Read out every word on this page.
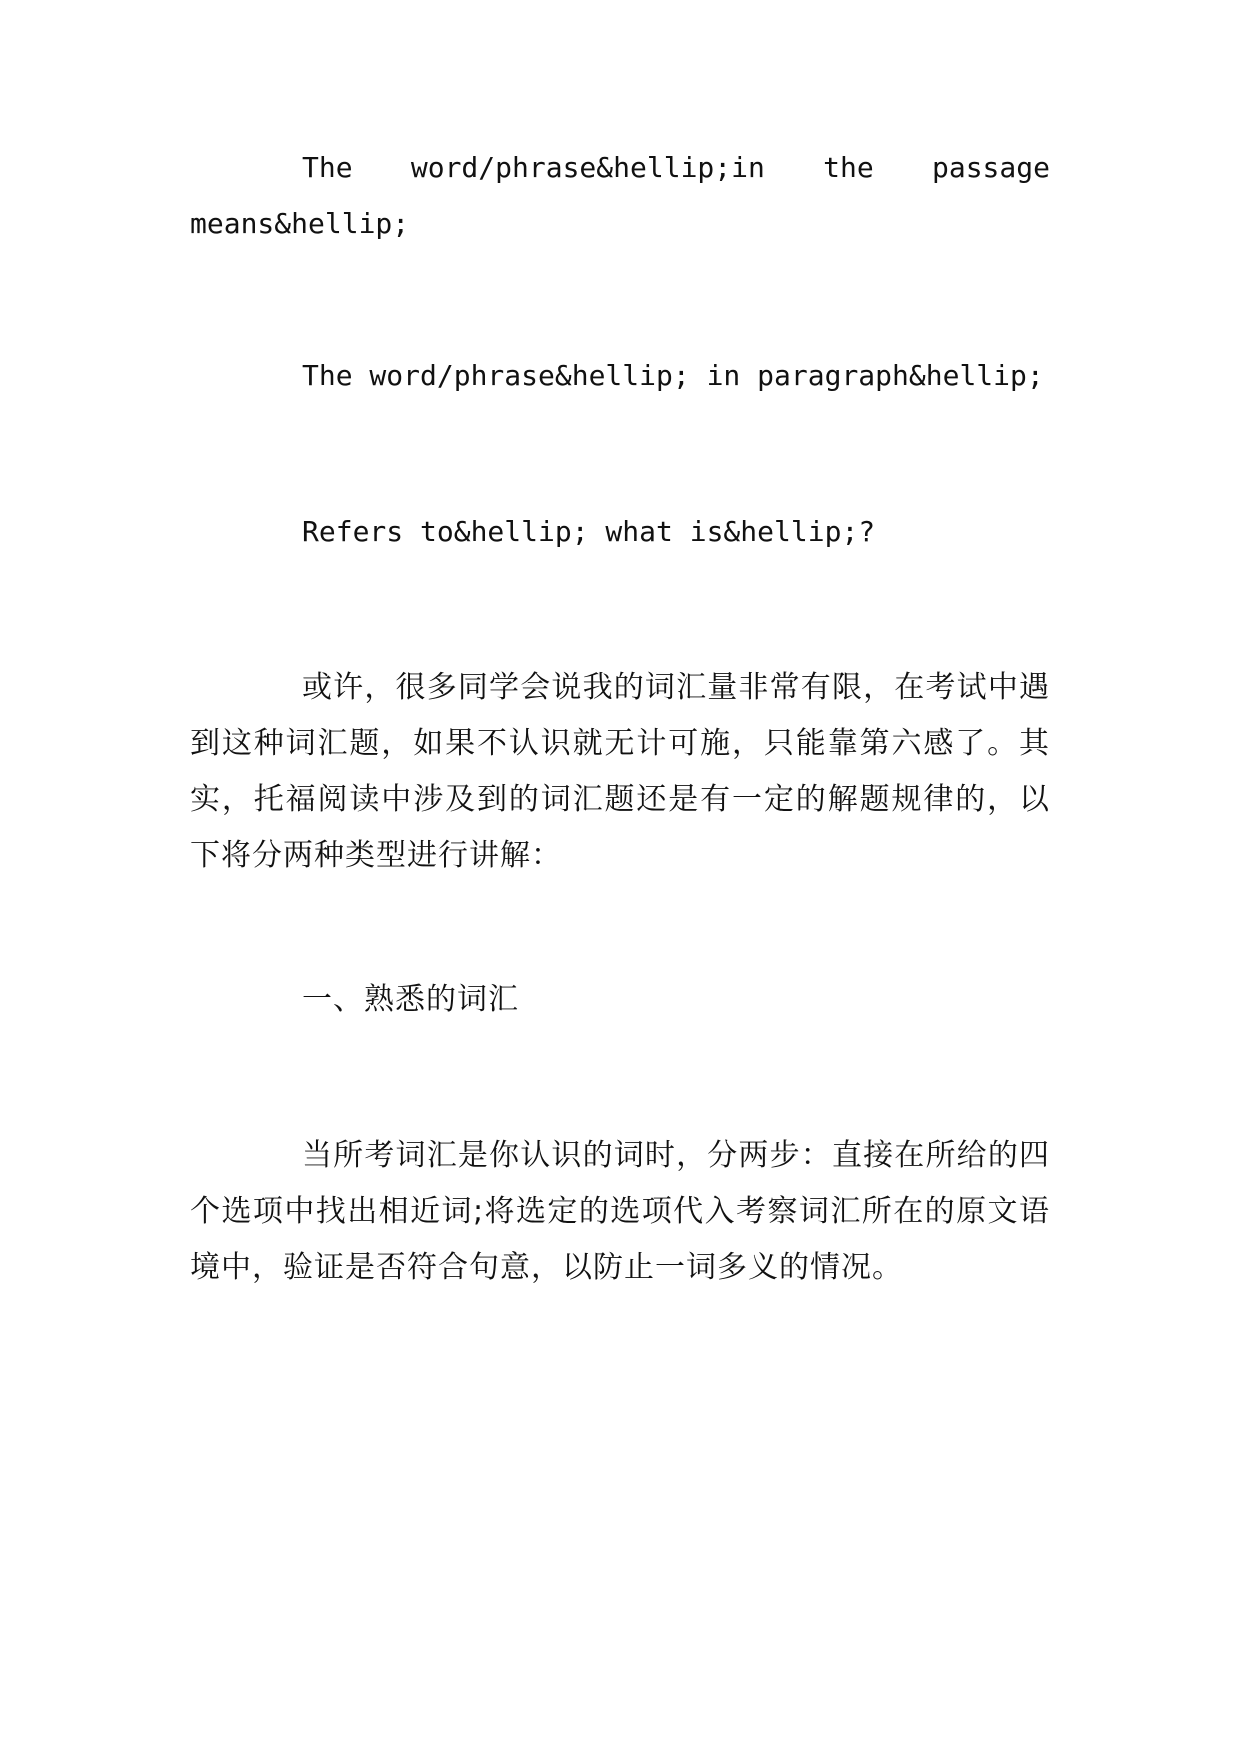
The word/phrase&hellip;in the passage
means&hellip;
The word/phrase&hellip; in paragraph&hellip;
Refers to&hellip; what is&hellip;?
或许，很多同学会说我的词汇量非常有限，在考试中遇到这种词汇题，如果不认识就无计可施，只能靠第六感了。其实，托福阅读中涉及到的词汇题还是有一定的解题规律的，以下将分两种类型进行讲解：
一、熟悉的词汇
当所考词汇是你认识的词时，分两步：直接在所给的四个选项中找出相近词;将选定的选项代入考察词汇所在的原文语境中，验证是否符合句意，以防止一词多义的情况。
